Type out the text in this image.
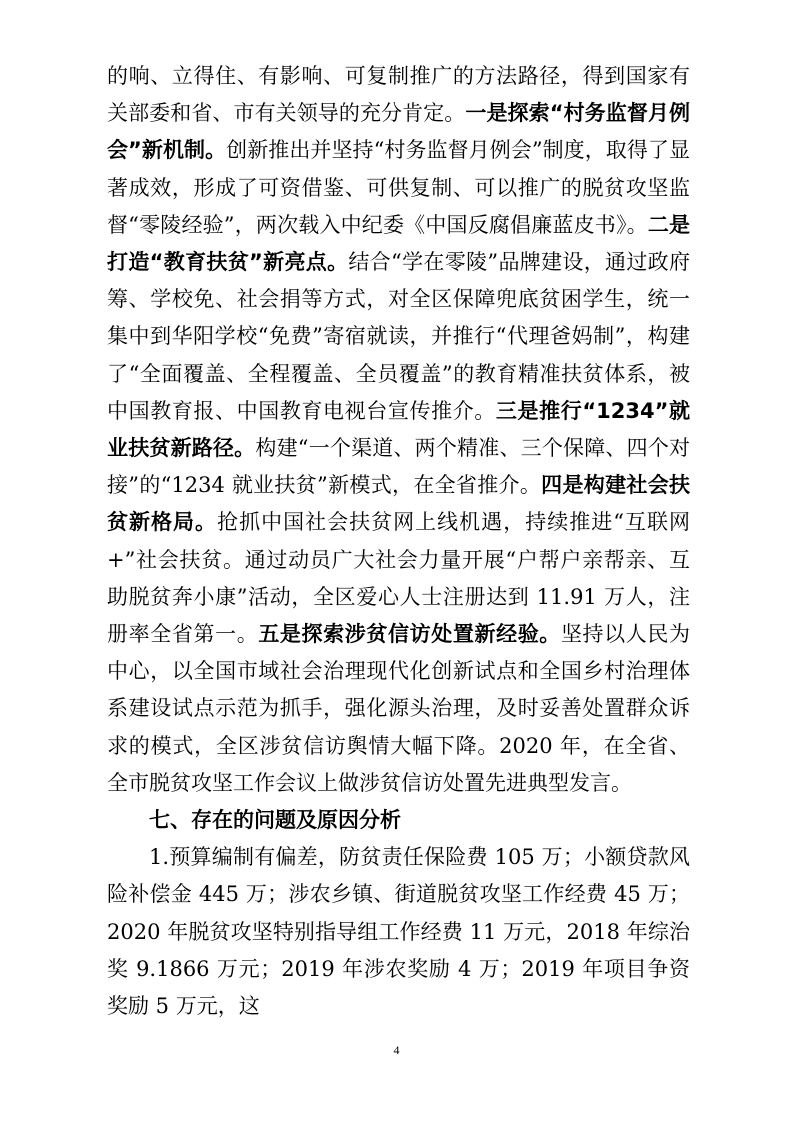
的响、立得住、有影响、可复制推广的方法路径，得到国家有关部委和省、市有关领导的充分肯定。一是探索“村务监督月例会”新机制。创新推出并坚持“村务监督月例会”制度，取得了显著成效，形成了可资借鉴、可供复制、可以推广的脱贫攻坚监督“零陵经验”，两次载入中纪委《中国反腐倡廉蓝皮书》。二是打造“教育扶贫”新亮点。结合“学在零陵”品牌建设，通过政府筹、学校免、社会捐等方式，对全区保障兜底贫困学生，统一集中到华阳学校“免费”寄宿就读，并推行“代理爸妈制”，构建了“全面覆盖、全程覆盖、全员覆盖”的教育精准扶贫体系，被中国教育报、中国教育电视台宣传推介。三是推行“1234”就业扶贫新路径。构建“一个渠道、两个精准、三个保障、四个对接”的“1234 就业扶贫”新模式，在全省推介。四是构建社会扶贫新格局。抢抓中国社会扶贫网上线机遇，持续推进“互联网+”社会扶贫。通过动员广大社会力量开展“户帮户亲帮亲、互助脱贫奔小康”活动，全区爱心人士注册达到 11.91 万人，注册率全省第一。五是探索涉贫信访处置新经验。坚持以人民为中心，以全国市域社会治理现代化创新试点和全国乡村治理体系建设试点示范为抓手，强化源头治理，及时妥善处置群众诉求的模式，全区涉贫信访舆情大幅下降。2020 年，在全省、全市脱贫攻坚工作会议上做涉贫信访处置先进典型发言。

七、存在的问题及原因分析

1.预算编制有偏差，防贫责任保险费 105 万；小额贷款风险补偿金 445 万；涉农乡镇、街道脱贫攻坚工作经费 45 万；2020 年脱贫攻坚特别指导组工作经费 11 万元，2018 年综治奖 9.1866 万元；2019 年涉农奖励 4 万；2019 年项目争资奖励 5 万元，这

4
